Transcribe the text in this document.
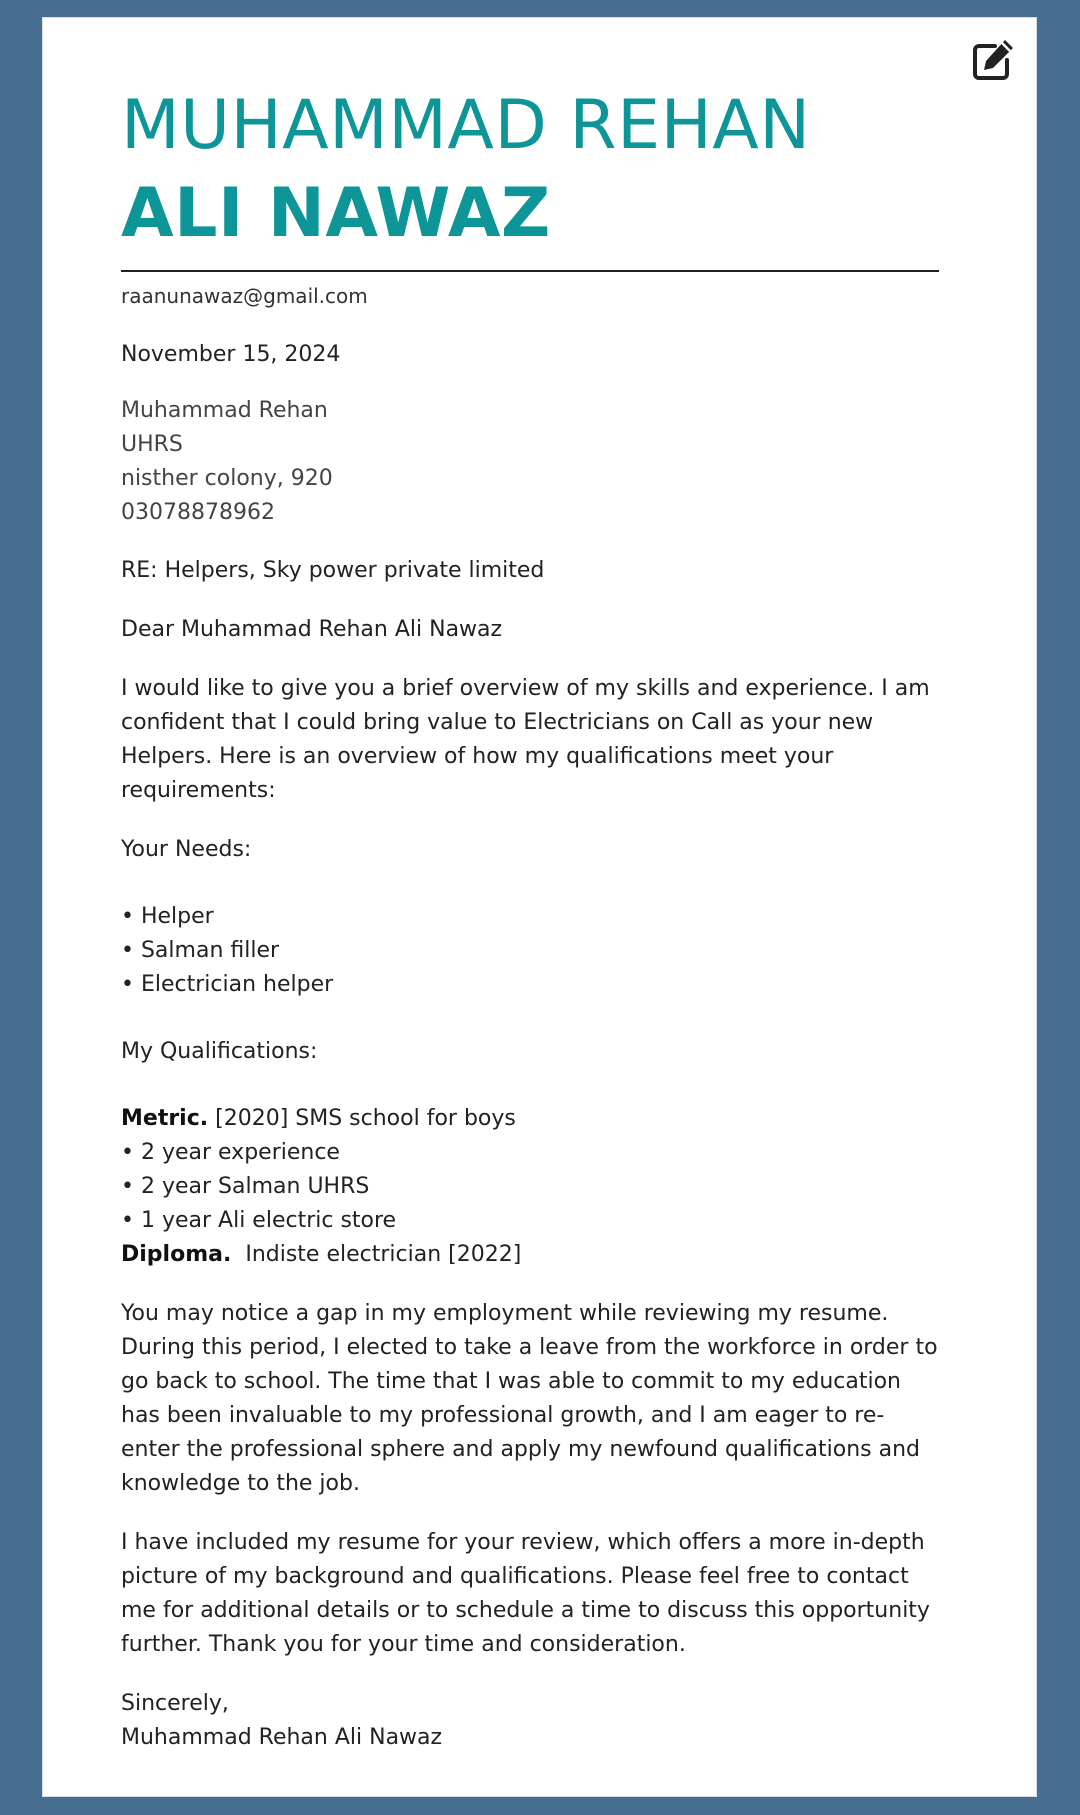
MUHAMMAD REHAN ALI NAWAZ
raanunawaz@gmail.com
November 15, 2024
Muhammad Rehan
UHRS
nisther colony, 920
03078878962
RE: Helpers, Sky power private limited
Dear Muhammad Rehan Ali Nawaz
I would like to give you a brief overview of my skills and experience. I am confident that I could bring value to Electricians on Call as your new Helpers. Here is an overview of how my qualifications meet your requirements:
Your Needs:
• Helper
• Salman filler
• Electrician helper
My Qualifications:
Metric. [2020] SMS school for boys
• 2 year experience
• 2 year Salman UHRS
• 1 year Ali electric store
Diploma.  Indiste electrician [2022]
You may notice a gap in my employment while reviewing my resume. During this period, I elected to take a leave from the workforce in order to go back to school. The time that I was able to commit to my education has been invaluable to my professional growth, and I am eager to re-enter the professional sphere and apply my newfound qualifications and knowledge to the job.
I have included my resume for your review, which offers a more in-depth picture of my background and qualifications. Please feel free to contact me for additional details or to schedule a time to discuss this opportunity further. Thank you for your time and consideration.
Sincerely,
Muhammad Rehan Ali Nawaz
